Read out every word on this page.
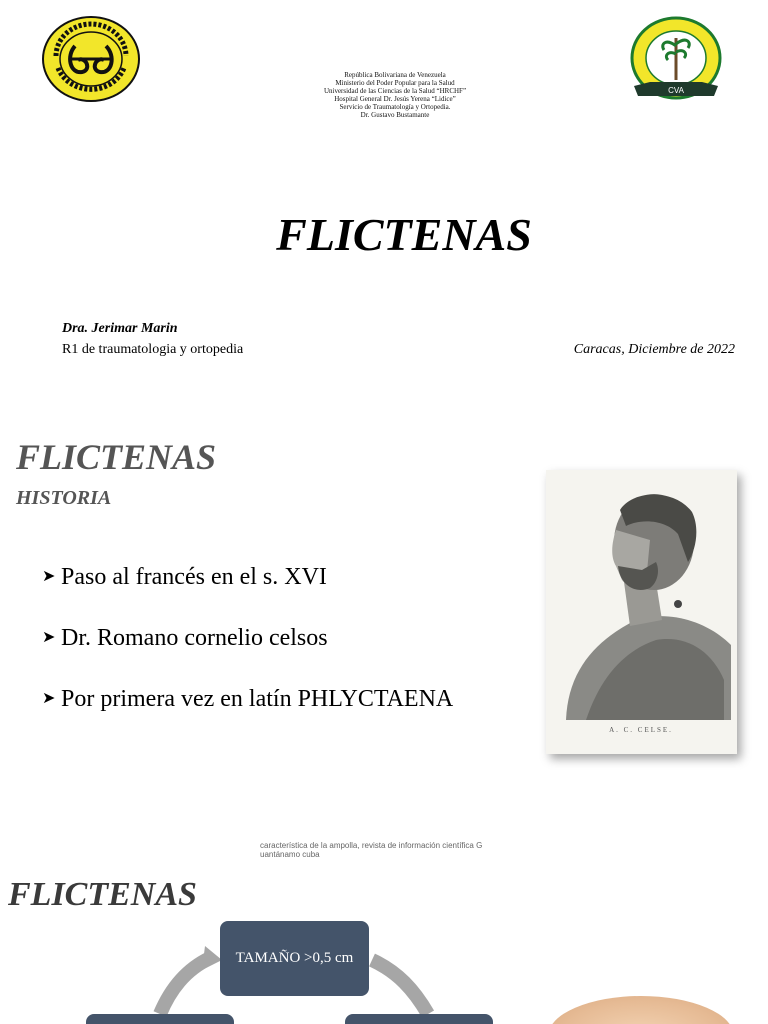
República Bolivariana de Venezuela
Ministerio del Poder Popular para la Salud
Universidad de las Ciencias de la Salud “HRCHF”
Hospital General Dr. Jesús Yerena “Lidice”
Servicio de Traumatología y Ortopedia.
Dr. Gustavo Bustamante
CVA
FLICTENAS
Dra. Jerimar Marin
R1 de traumatologia y ortopedia	Caracas, Diciembre de 2022
FLICTENAS
HISTORIA
➤ Paso al francés en el s. XVI
➤ Dr. Romano cornelio celsos
➤ Por primera vez en latín PHLYCTAENA
A. C. CELSE.
característica de la ampolla, revista de información científica G uantánamo cuba
FLICTENAS
TAMAÑO >0,5 cm
